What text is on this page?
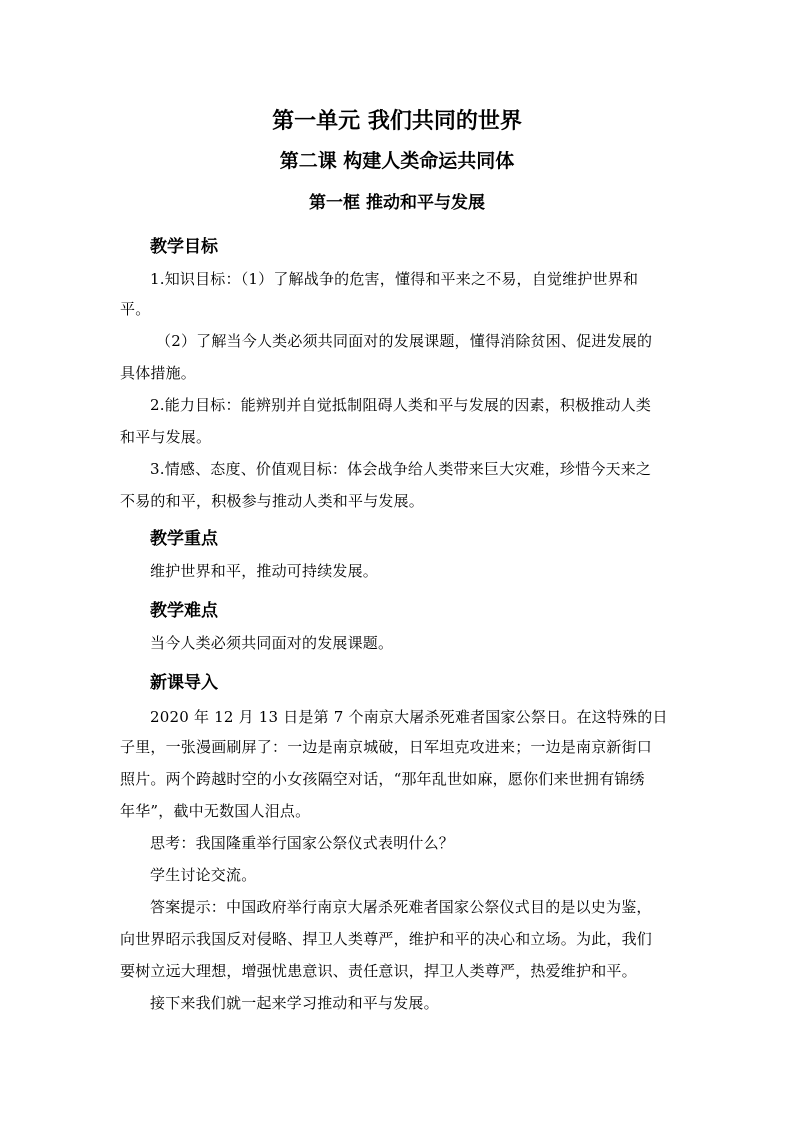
第一单元 我们共同的世界
第二课 构建人类命运共同体
第一框 推动和平与发展
教学目标
1.知识目标：（1）了解战争的危害，懂得和平来之不易，自觉维护世界和
平。
（2）了解当今人类必须共同面对的发展课题，懂得消除贫困、促进发展的
具体措施。
2.能力目标：能辨别并自觉抵制阻碍人类和平与发展的因素，积极推动人类
和平与发展。
3.情感、态度、价值观目标：体会战争给人类带来巨大灾难，珍惜今天来之
不易的和平，积极参与推动人类和平与发展。
教学重点
维护世界和平，推动可持续发展。
教学难点
当今人类必须共同面对的发展课题。
新课导入
2020 年 12 月 13 日是第 7 个南京大屠杀死难者国家公祭日。在这特殊的日
子里，一张漫画刷屏了：一边是南京城破，日军坦克攻进来；一边是南京新街口
照片。两个跨越时空的小女孩隔空对话，“那年乱世如麻，愿你们来世拥有锦绣
年华”，截中无数国人泪点。
思考：我国隆重举行国家公祭仪式表明什么？
学生讨论交流。
答案提示：中国政府举行南京大屠杀死难者国家公祭仪式目的是以史为鉴，
向世界昭示我国反对侵略、捍卫人类尊严，维护和平的决心和立场。为此，我们
要树立远大理想，增强忧患意识、责任意识，捍卫人类尊严，热爱维护和平。
接下来我们就一起来学习推动和平与发展。
